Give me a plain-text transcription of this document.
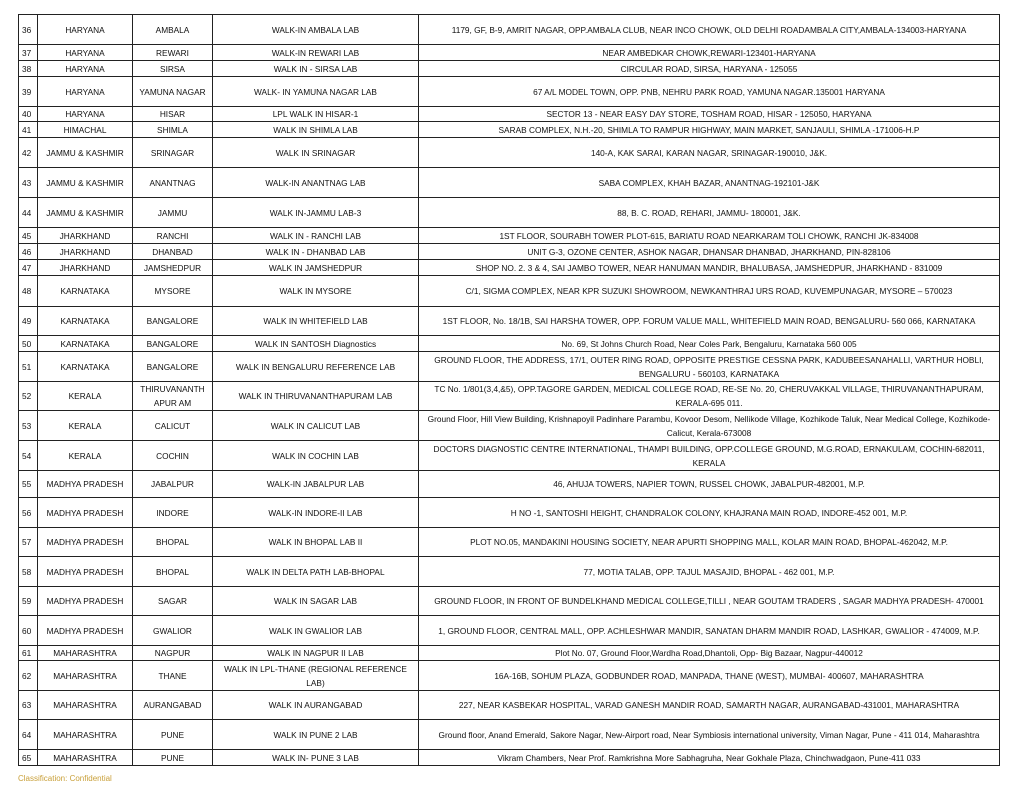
36	HARYANA	AMBALA	WALK-IN AMBALA LAB	1179, GF, B-9, AMRIT NAGAR, OPP.AMBALA CLUB, NEAR INCO CHOWK, OLD DELHI ROADAMBALA CITY,AMBALA-134003-HARYANA
37	HARYANA	REWARI	WALK-IN REWARI LAB	NEAR AMBEDKAR CHOWK,REWARI-123401-HARYANA
38	HARYANA	SIRSA	WALK IN - SIRSA LAB	CIRCULAR ROAD, SIRSA, HARYANA - 125055
39	HARYANA	YAMUNA NAGAR	WALK- IN YAMUNA NAGAR LAB	67 A/L MODEL TOWN, OPP. PNB, NEHRU PARK ROAD, YAMUNA NAGAR.135001 HARYANA
40	HARYANA	HISAR	LPL WALK IN HISAR-1	SECTOR 13 - NEAR EASY DAY STORE, TOSHAM ROAD, HISAR - 125050, HARYANA
41	HIMACHAL	SHIMLA	WALK IN SHIMLA LAB	SARAB COMPLEX, N.H.-20, SHIMLA TO RAMPUR HIGHWAY, MAIN MARKET, SANJAULI, SHIMLA -171006-H.P
42	JAMMU & KASHMIR	SRINAGAR	WALK IN SRINAGAR	140-A, KAK SARAI, KARAN NAGAR, SRINAGAR-190010, J&K.
43	JAMMU & KASHMIR	ANANTNAG	WALK-IN ANANTNAG LAB	SABA COMPLEX, KHAH BAZAR, ANANTNAG-192101-J&K
44	JAMMU & KASHMIR	JAMMU	WALK IN-JAMMU LAB-3	88, B. C. ROAD, REHARI, JAMMU- 180001, J&K.
45	JHARKHAND	RANCHI	WALK IN - RANCHI LAB	1ST FLOOR, SOURABH TOWER PLOT-615, BARIATU ROAD NEARKARAM TOLI CHOWK, RANCHI JK-834008
46	JHARKHAND	DHANBAD	WALK IN - DHANBAD LAB	UNIT G-3, OZONE CENTER, ASHOK NAGAR, DHANSAR DHANBAD, JHARKHAND, PIN-828106
47	JHARKHAND	JAMSHEDPUR	WALK IN JAMSHEDPUR	SHOP NO. 2. 3 & 4, SAI JAMBO TOWER, NEAR HANUMAN MANDIR, BHALUBASA, JAMSHEDPUR, JHARKHAND - 831009
48	KARNATAKA	MYSORE	WALK IN MYSORE	C/1, SIGMA COMPLEX, NEAR KPR SUZUKI SHOWROOM, NEWKANTHRAJ URS ROAD, KUVEMPUNAGAR, MYSORE – 570023
49	KARNATAKA	BANGALORE	WALK IN WHITEFIELD LAB	1ST FLOOR, No. 18/1B, SAI HARSHA TOWER, OPP. FORUM VALUE MALL, WHITEFIELD MAIN ROAD, BENGALURU- 560 066, KARNATAKA
50	KARNATAKA	BANGALORE	WALK IN SANTOSH Diagnostics	No. 69, St Johns Church Road, Near Coles Park, Bengaluru, Karnataka 560 005
51	KARNATAKA	BANGALORE	WALK IN BENGALURU REFERENCE LAB	GROUND FLOOR, THE ADDRESS, 17/1, OUTER RING ROAD, OPPOSITE PRESTIGE CESSNA PARK, KADUBEESANAHALLI, VARTHUR HOBLI, BENGALURU - 560103, KARNATAKA
52	KERALA	THIRUVANANTH APUR AM	WALK IN THIRUVANANTHAPURAM LAB	TC No. 1/801(3,4,&5), OPP.TAGORE GARDEN, MEDICAL COLLEGE ROAD, RE-SE No. 20, CHERUVAKKAL VILLAGE, THIRUVANANTHAPURAM, KERALA-695 011.
53	KERALA	CALICUT	WALK IN CALICUT LAB	Ground Floor, Hill View Building, Krishnapoyil Padinhare Parambu, Kovoor Desom, Nellikode Village, Kozhikode Taluk, Near Medical College, Kozhikode-Calicut, Kerala-673008
54	KERALA	COCHIN	WALK IN COCHIN LAB	DOCTORS DIAGNOSTIC CENTRE INTERNATIONAL, THAMPI BUILDING, OPP.COLLEGE GROUND, M.G.ROAD, ERNAKULAM, COCHIN-682011, KERALA
55	MADHYA PRADESH	JABALPUR	WALK-IN JABALPUR LAB	46, AHUJA TOWERS, NAPIER TOWN, RUSSEL CHOWK, JABALPUR-482001, M.P.
56	MADHYA PRADESH	INDORE	WALK-IN INDORE-II LAB	H NO -1, SANTOSHI HEIGHT, CHANDRALOK COLONY, KHAJRANA MAIN ROAD, INDORE-452 001, M.P.
57	MADHYA PRADESH	BHOPAL	WALK IN BHOPAL LAB II	PLOT NO.05, MANDAKINI HOUSING SOCIETY, NEAR APURTI SHOPPING MALL, KOLAR MAIN ROAD, BHOPAL-462042, M.P.
58	MADHYA PRADESH	BHOPAL	WALK IN DELTA PATH LAB-BHOPAL	77, MOTIA TALAB, OPP. TAJUL MASAJID, BHOPAL - 462 001, M.P.
59	MADHYA PRADESH	SAGAR	WALK IN SAGAR LAB	GROUND FLOOR, IN FRONT OF BUNDELKHAND MEDICAL COLLEGE,TILLI , NEAR GOUTAM TRADERS , SAGAR MADHYA PRADESH- 470001
60	MADHYA PRADESH	GWALIOR	WALK IN GWALIOR LAB	1, GROUND FLOOR, CENTRAL MALL, OPP. ACHLESHWAR MANDIR, SANATAN DHARM MANDIR ROAD, LASHKAR, GWALIOR - 474009, M.P.
61	MAHARASHTRA	NAGPUR	WALK IN NAGPUR II LAB	Plot No. 07, Ground Floor,Wardha Road,Dhantoli, Opp- Big Bazaar, Nagpur-440012
62	MAHARASHTRA	THANE	WALK IN LPL-THANE (REGIONAL REFERENCE LAB)	16A-16B, SOHUM PLAZA, GODBUNDER ROAD, MANPADA, THANE (WEST), MUMBAI- 400607, MAHARASHTRA
63	MAHARASHTRA	AURANGABAD	WALK IN AURANGABAD	227, NEAR KASBEKAR HOSPITAL, VARAD GANESH MANDIR ROAD, SAMARTH NAGAR, AURANGABAD-431001, MAHARASHTRA
64	MAHARASHTRA	PUNE	WALK IN PUNE 2 LAB	Ground floor, Anand Emerald, Sakore Nagar, New-Airport road, Near Symbiosis international university, Viman Nagar, Pune - 411 014, Maharashtra
65	MAHARASHTRA	PUNE	WALK IN- PUNE 3 LAB	Vikram Chambers, Near Prof. Ramkrishna More Sabhagruha, Near Gokhale Plaza, Chinchwadgaon, Pune-411 033
Classification: Confidential
